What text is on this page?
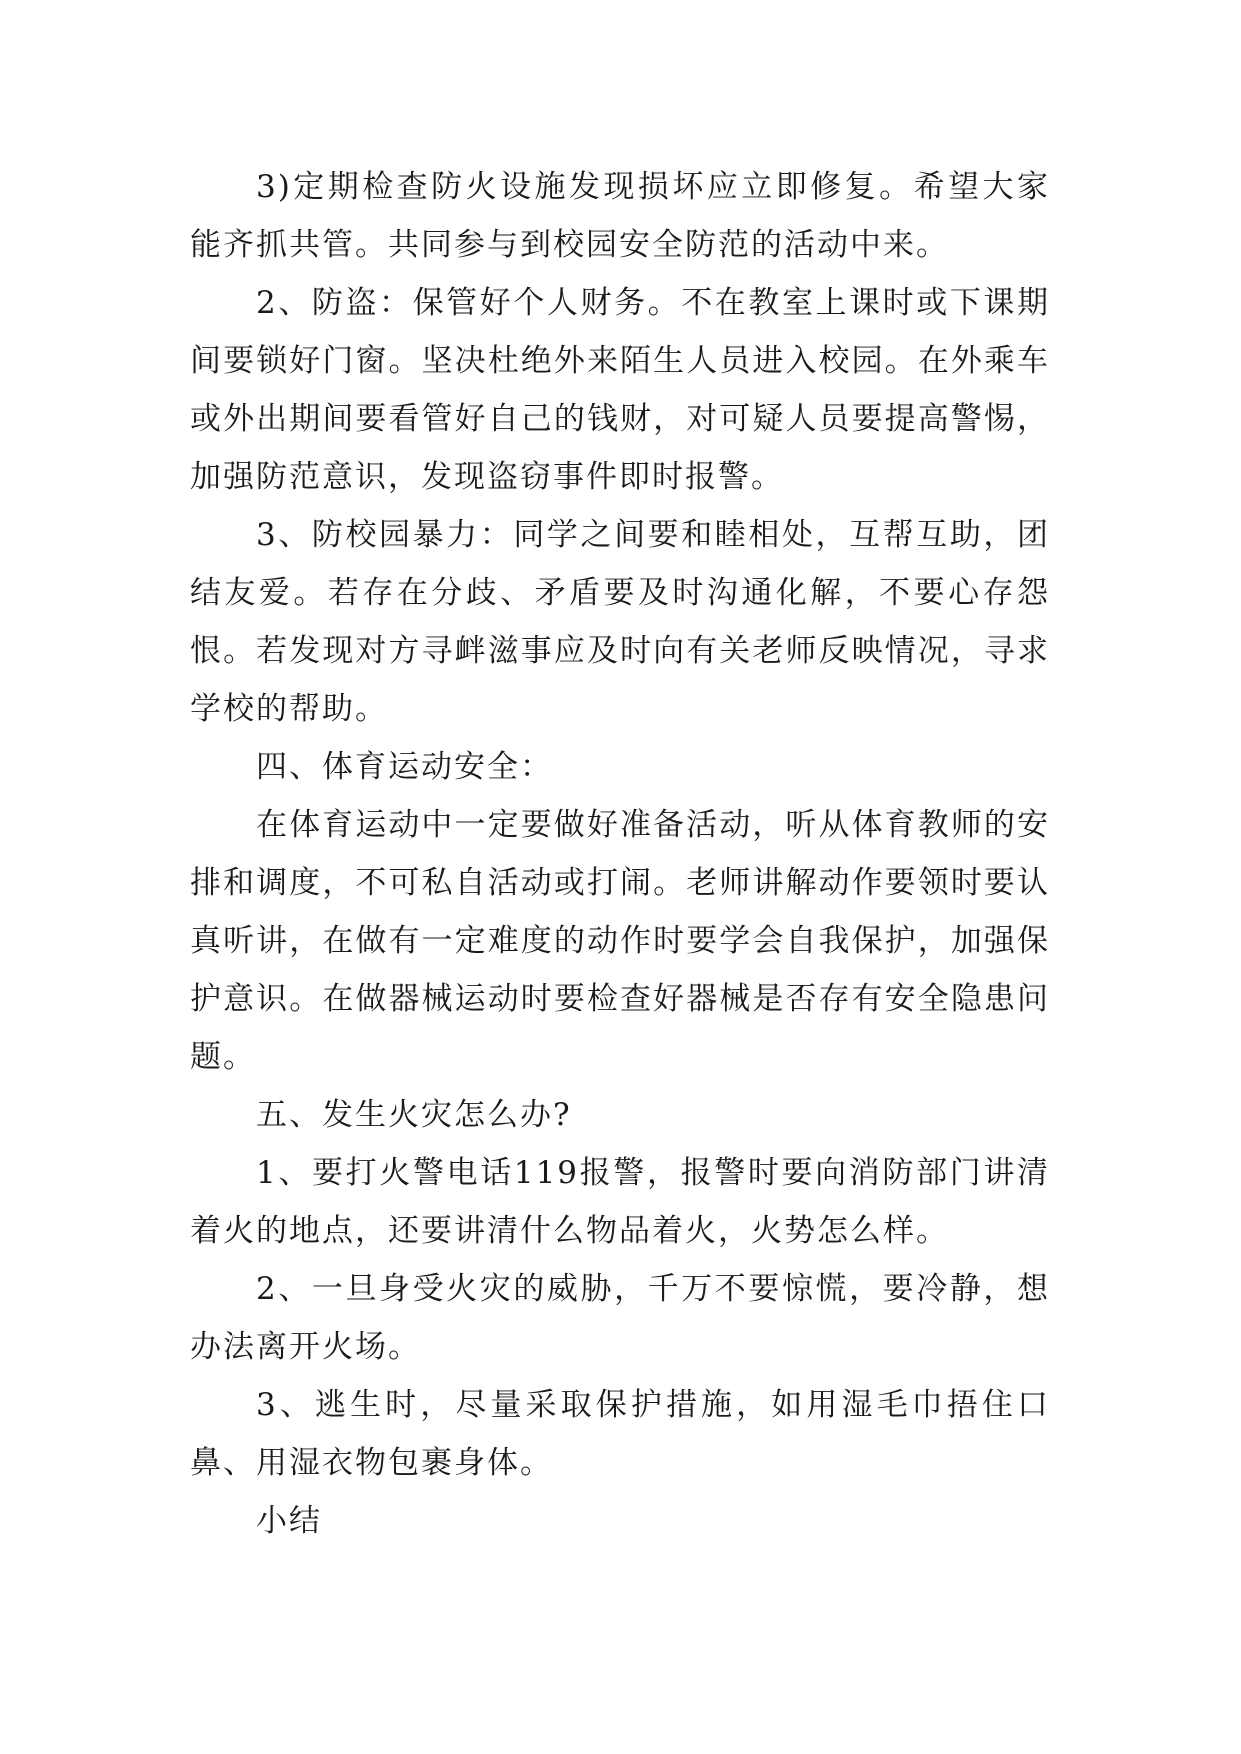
3)定期检查防火设施发现损坏应立即修复。希望大家能齐抓共管。共同参与到校园安全防范的活动中来。

2、防盗：保管好个人财务。不在教室上课时或下课期间要锁好门窗。坚决杜绝外来陌生人员进入校园。在外乘车或外出期间要看管好自己的钱财，对可疑人员要提高警惕，加强防范意识，发现盗窃事件即时报警。

3、防校园暴力：同学之间要和睦相处，互帮互助，团结友爱。若存在分歧、矛盾要及时沟通化解，不要心存怨恨。若发现对方寻衅滋事应及时向有关老师反映情况，寻求学校的帮助。

四、体育运动安全：

在体育运动中一定要做好准备活动，听从体育教师的安排和调度，不可私自活动或打闹。老师讲解动作要领时要认真听讲，在做有一定难度的动作时要学会自我保护，加强保护意识。在做器械运动时要检查好器械是否存有安全隐患问题。

五、发生火灾怎么办?

1、要打火警电话119报警，报警时要向消防部门讲清着火的地点，还要讲清什么物品着火，火势怎么样。

2、一旦身受火灾的威胁，千万不要惊慌，要冷静，想办法离开火场。

3、逃生时，尽量采取保护措施，如用湿毛巾捂住口鼻、用湿衣物包裹身体。

小结
